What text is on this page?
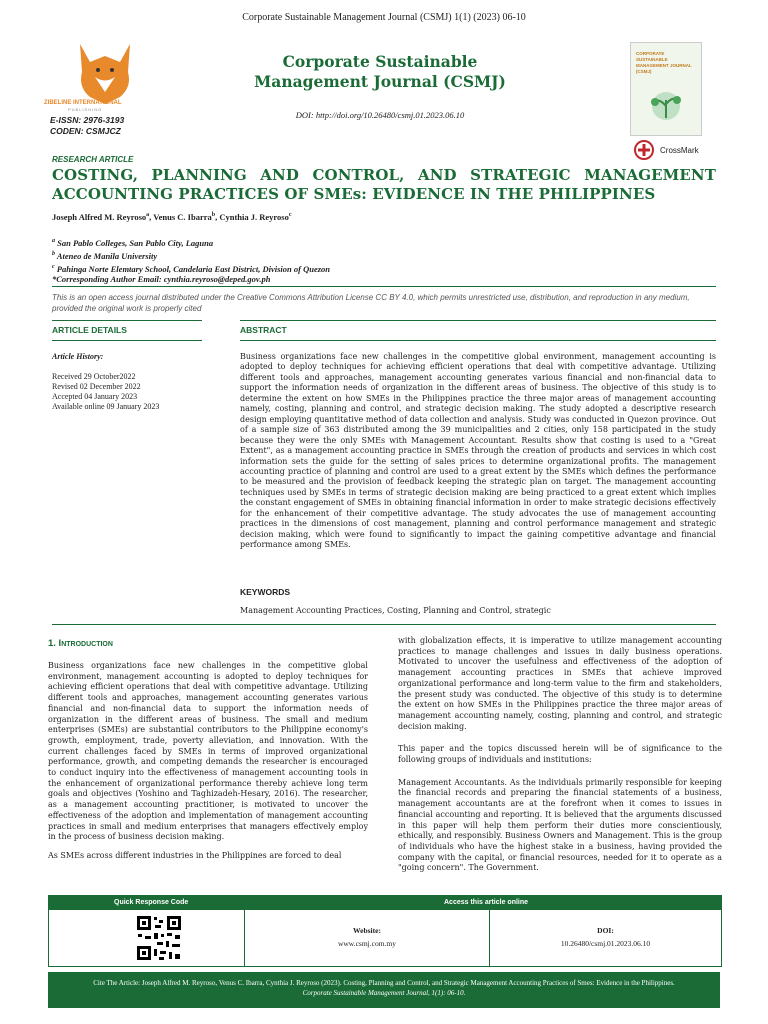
Corporate Sustainable Management Journal (CSMJ) 1(1) (2023) 06-10
ZIBELINE INTERNATIONAL
PUBLISHING
E-ISSN: 2976-3193
CODEN: CSMJCZ
Corporate Sustainable Management Journal (CSMJ)
DOI: http://doi.org/10.26480/csmj.01.2023.06.10
CORPORATE SUSTAINABLE MANAGEMENT JOURNAL (CSMJ)
CrossMark
RESEARCH ARTICLE
COSTING, PLANNING AND CONTROL, AND STRATEGIC MANAGEMENT ACCOUNTING PRACTICES OF SMEs: EVIDENCE IN THE PHILIPPINES
Joseph Alfred M. Reyroso$^a$, Venus C. Ibarra$^b$, Cynthia J. Reyroso$^c$
$^a$ San Pablo Colleges, San Pablo City, Laguna
$^b$ Ateneo de Manila University
$^c$ Pahinga Norte Elemtary School, Candelaria East District, Division of Quezon
*Corresponding Author Email: cynthia.reyroso@deped.gov.ph
This is an open access journal distributed under the Creative Commons Attribution License CC BY 4.0, which permits unrestricted use, distribution, and reproduction in any medium, provided the original work is properly cited
ARTICLE DETAILS	ABSTRACT
Article History:
Received 29 October2022
Revised 02 December 2022
Accepted 04 January 2023
Available online 09 January 2023
Business organizations face new challenges in the competitive global environment, management accounting is adopted to deploy techniques for achieving efficient operations that deal with competitive advantage. Utilizing different tools and approaches, management accounting generates various financial and non-financial data to support the information needs of organization in the different areas of business. The objective of this study is to determine the extent on how SMEs in the Philippines practice the three major areas of management accounting namely, costing, planning and control, and strategic decision making. The study adopted a descriptive research design employing quantitative method of data collection and analysis. Study was conducted in Quezon province. Out of a sample size of 363 distributed among the 39 municipalities and 2 cities, only 158 participated in the study because they were the only SMEs with Management Accountant. Results show that costing is used to a "Great Extent", as a management accounting practice in SMEs through the creation of products and services in which cost information sets the guide for the setting of sales prices to determine organizational profits. The management accounting practice of planning and control are used to a great extent by the SMEs which defines the performance to be measured and the provision of feedback keeping the strategic plan on target. The management accounting techniques used by SMEs in terms of strategic decision making are being practiced to a great extent which implies the constant engagement of SMEs in obtaining financial information in order to make strategic decisions effectively for the enhancement of their competitive advantage. The study advocates the use of management accounting practices in the dimensions of cost management, planning and control performance management and strategic decision making, which were found to significantly to impact the gaining competitive advantage and financial performance among SMEs.
KEYWORDS
Management Accounting Practices, Costing, Planning and Control, strategic
1. Introduction

Business organizations face new challenges in the competitive global environment, management accounting is adopted to deploy techniques for achieving efficient operations that deal with competitive advantage. Utilizing different tools and approaches, management accounting generates various financial and non-financial data to support the information needs of organization in the different areas of business. The small and medium enterprises (SMEs) are substantial contributors to the Philippine economy's growth, employment, trade, poverty alleviation, and innovation. With the current challenges faced by SMEs in terms of improved organizational performance, growth, and competing demands the researcher is encouraged to conduct inquiry into the effectiveness of management accounting tools in the enhancement of organizational performance thereby achieve long term goals and objectives (Yoshino and Taghizadeh-Hesary, 2016). The researcher, as a management accounting practitioner, is motivated to uncover the effectiveness of the adoption and implementation of management accounting practices in small and medium enterprises that managers effectively employ in the process of business decision making.

As SMEs across different industries in the Philippines are forced to deal

with globalization effects, it is imperative to utilize management accounting practices to manage challenges and issues in daily business operations. Motivated to uncover the usefulness and effectiveness of the adoption of management accounting practices in SMEs that achieve improved organizational performance and long-term value to the firm and stakeholders, the present study was conducted. The objective of this study is to determine the extent on how SMEs in the Philippines practice the three major areas of management accounting namely, costing, planning and control, and strategic decision making.

This paper and the topics discussed herein will be of significance to the following groups of individuals and institutions:

Management Accountants. As the individuals primarily responsible for keeping the financial records and preparing the financial statements of a business, management accountants are at the forefront when it comes to issues in financial accounting and reporting. It is believed that the arguments discussed in this paper will help them perform their duties more conscientiously, ethically, and responsibly. Business Owners and Management. This is the group of individuals who have the highest stake in a business, having provided the company with the capital, or financial resources, needed for it to operate as a "going concern". The Government.

Quick Response Code	Access this article online
Website:
www.csmj.com.my
DOI:
10.26480/csmj.01.2023.06.10
Cite The Article: Joseph Alfred M. Reyroso, Venus C. Ibarra, Cynthia J. Reyroso (2023). Costing, Planning and Control, and Strategic Management Accounting Practices of Smes: Evidence in the Philippines. Corporate Sustainable Management Journal, 1(1): 06-10.
